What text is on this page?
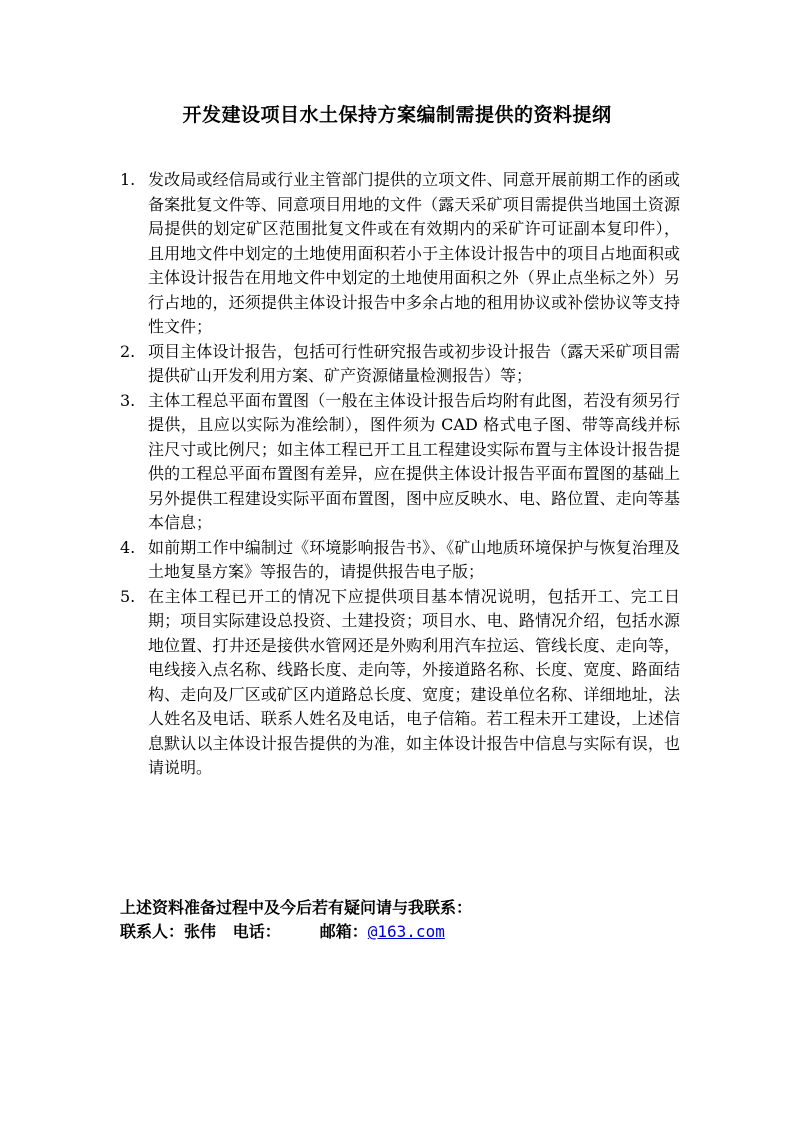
开发建设项目水土保持方案编制需提供的资料提纲
1. 发改局或经信局或行业主管部门提供的立项文件、同意开展前期工作的函或备案批复文件等、同意项目用地的文件（露天采矿项目需提供当地国土资源局提供的划定矿区范围批复文件或在有效期内的采矿许可证副本复印件），且用地文件中划定的土地使用面积若小于主体设计报告中的项目占地面积或主体设计报告在用地文件中划定的土地使用面积之外（界止点坐标之外）另行占地的，还须提供主体设计报告中多余占地的租用协议或补偿协议等支持性文件；
2. 项目主体设计报告，包括可行性研究报告或初步设计报告（露天采矿项目需提供矿山开发利用方案、矿产资源储量检测报告）等；
3. 主体工程总平面布置图（一般在主体设计报告后均附有此图，若没有须另行提供，且应以实际为准绘制），图件须为 CAD 格式电子图、带等高线并标注尺寸或比例尺；如主体工程已开工且工程建设实际布置与主体设计报告提供的工程总平面布置图有差异，应在提供主体设计报告平面布置图的基础上另外提供工程建设实际平面布置图，图中应反映水、电、路位置、走向等基本信息；
4. 如前期工作中编制过《环境影响报告书》、《矿山地质环境保护与恢复治理及土地复垦方案》等报告的，请提供报告电子版；
5. 在主体工程已开工的情况下应提供项目基本情况说明，包括开工、完工日期；项目实际建设总投资、土建投资；项目水、电、路情况介绍，包括水源地位置、打井还是接供水管网还是外购利用汽车拉运、管线长度、走向等，电线接入点名称、线路长度、走向等，外接道路名称、长度、宽度、路面结构、走向及厂区或矿区内道路总长度、宽度；建设单位名称、详细地址，法人姓名及电话、联系人姓名及电话，电子信箱。若工程未开工建设，上述信息默认以主体设计报告提供的为准，如主体设计报告中信息与实际有误，也请说明。
上述资料准备过程中及今后若有疑问请与我联系：
联系人：张伟 电话： 邮箱：@163.com
